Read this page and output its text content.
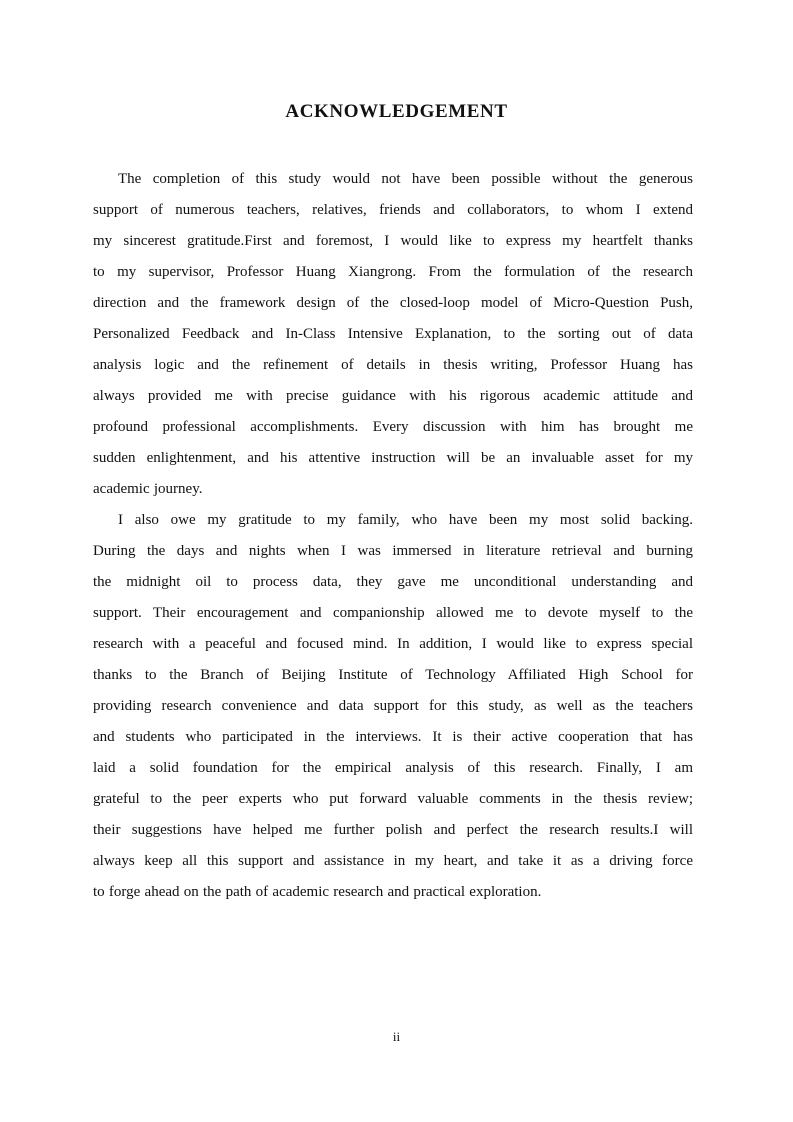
ACKNOWLEDGEMENT
The completion of this study would not have been possible without the generous
support of numerous teachers, relatives, friends and collaborators, to whom I extend
my sincerest gratitude.First and foremost, I would like to express my heartfelt thanks
to my supervisor, Professor Huang Xiangrong. From the formulation of the research
direction and the framework design of the closed-loop model of Micro-Question Push,
Personalized Feedback and In-Class Intensive Explanation, to the sorting out of data
analysis logic and the refinement of details in thesis writing, Professor Huang has
always provided me with precise guidance with his rigorous academic attitude and
profound professional accomplishments. Every discussion with him has brought me
sudden enlightenment, and his attentive instruction will be an invaluable asset for my
academic journey.
I also owe my gratitude to my family, who have been my most solid backing.
During the days and nights when I was immersed in literature retrieval and burning
the midnight oil to process data, they gave me unconditional understanding and
support. Their encouragement and companionship allowed me to devote myself to the
research with a peaceful and focused mind. In addition, I would like to express special
thanks to the Branch of Beijing Institute of Technology Affiliated High School for
providing research convenience and data support for this study, as well as the teachers
and students who participated in the interviews. It is their active cooperation that has
laid a solid foundation for the empirical analysis of this research. Finally, I am
grateful to the peer experts who put forward valuable comments in the thesis review;
their suggestions have helped me further polish and perfect the research results.I will
always keep all this support and assistance in my heart, and take it as a driving force
to forge ahead on the path of academic research and practical exploration.
ii
